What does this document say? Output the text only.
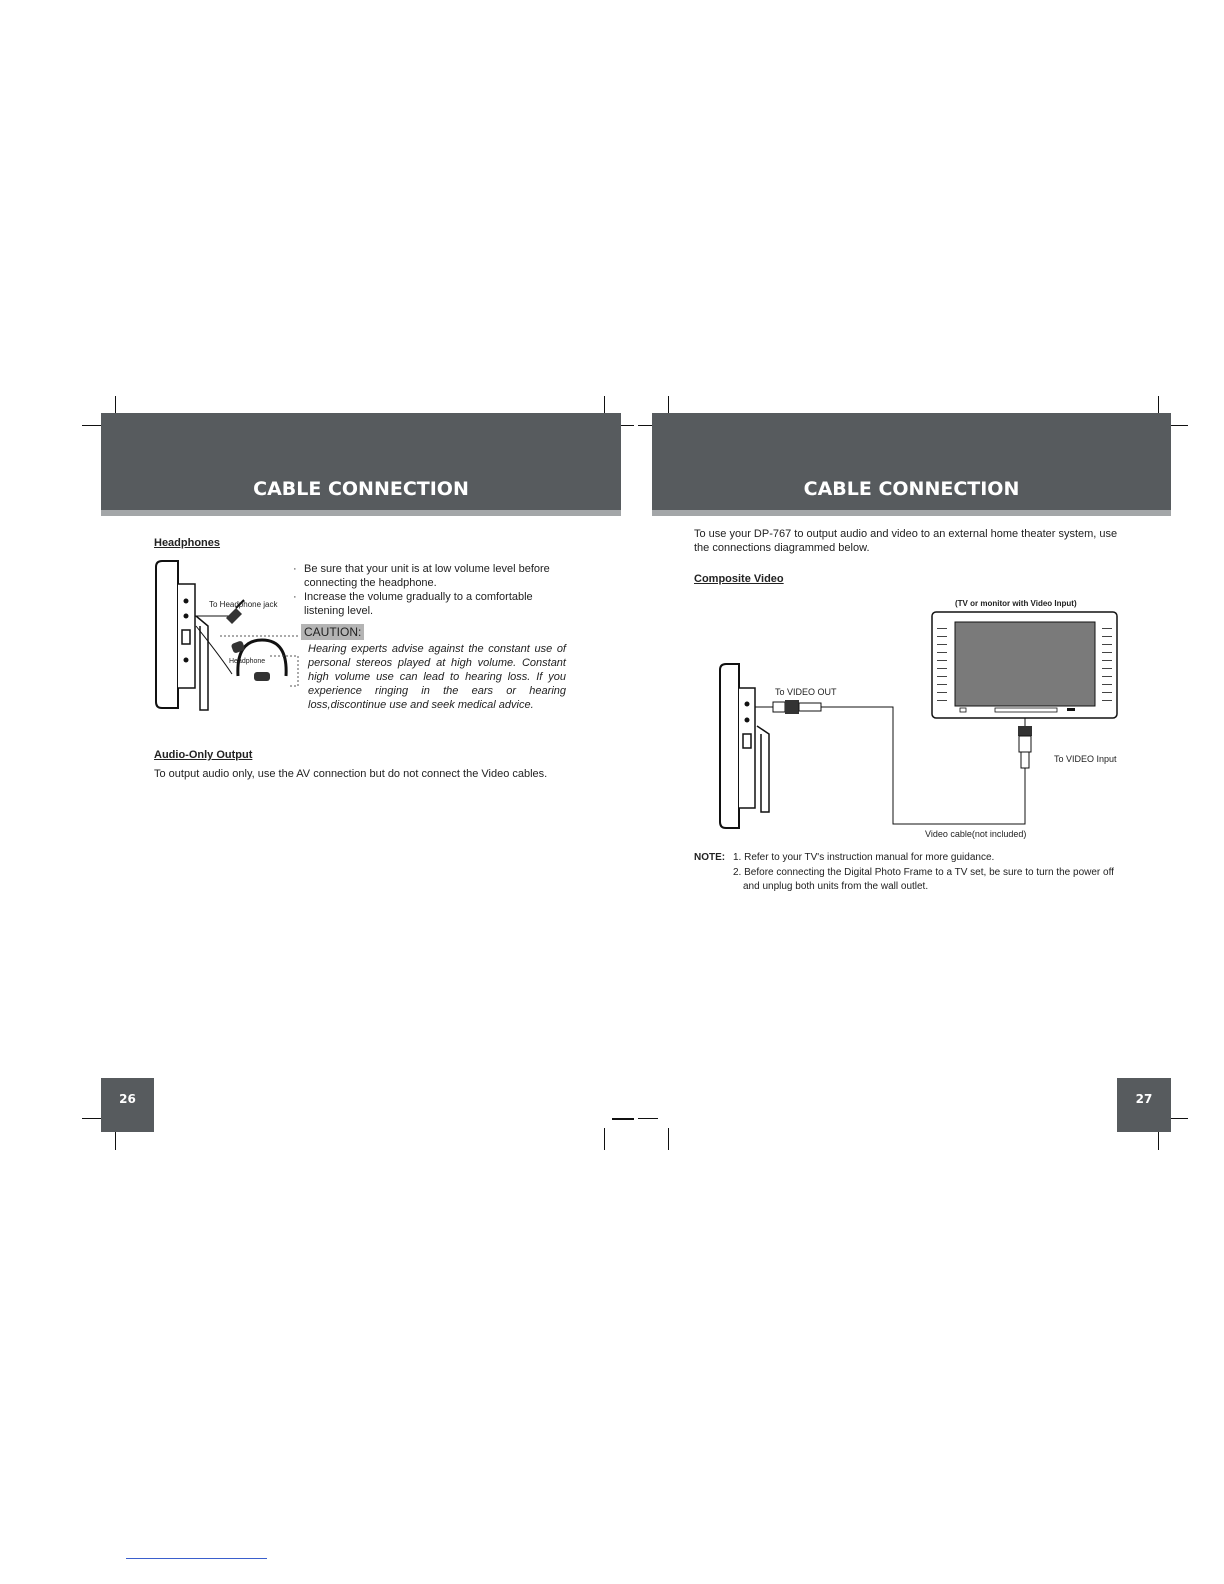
CABLE CONNECTION
Headphones
To Headphone jack
Headphone
· Be sure that your unit is at low volume level before connecting the headphone.
· Increase the volume gradually to a comfortable listening level.
CAUTION:
Hearing experts advise against the constant use of personal stereos played at high volume. Constant high volume use can lead to hearing loss. If you experience ringing in the ears or hearing loss,discontinue use and seek medical advice.
Audio-Only Output
To output audio only, use the AV connection but do not connect the Video cables.
26
CABLE CONNECTION
To use your DP-767 to output audio and video to an external home theater system, use the connections diagrammed below.
Composite Video
(TV or monitor with Video Input)
To VIDEO OUT
To VIDEO Input
Video cable(not included)
NOTE: 1. Refer to your TV's instruction manual for more guidance.
2. Before connecting the Digital Photo Frame to a TV set, be sure to turn the power off
and unplug both units from the wall outlet.
27
